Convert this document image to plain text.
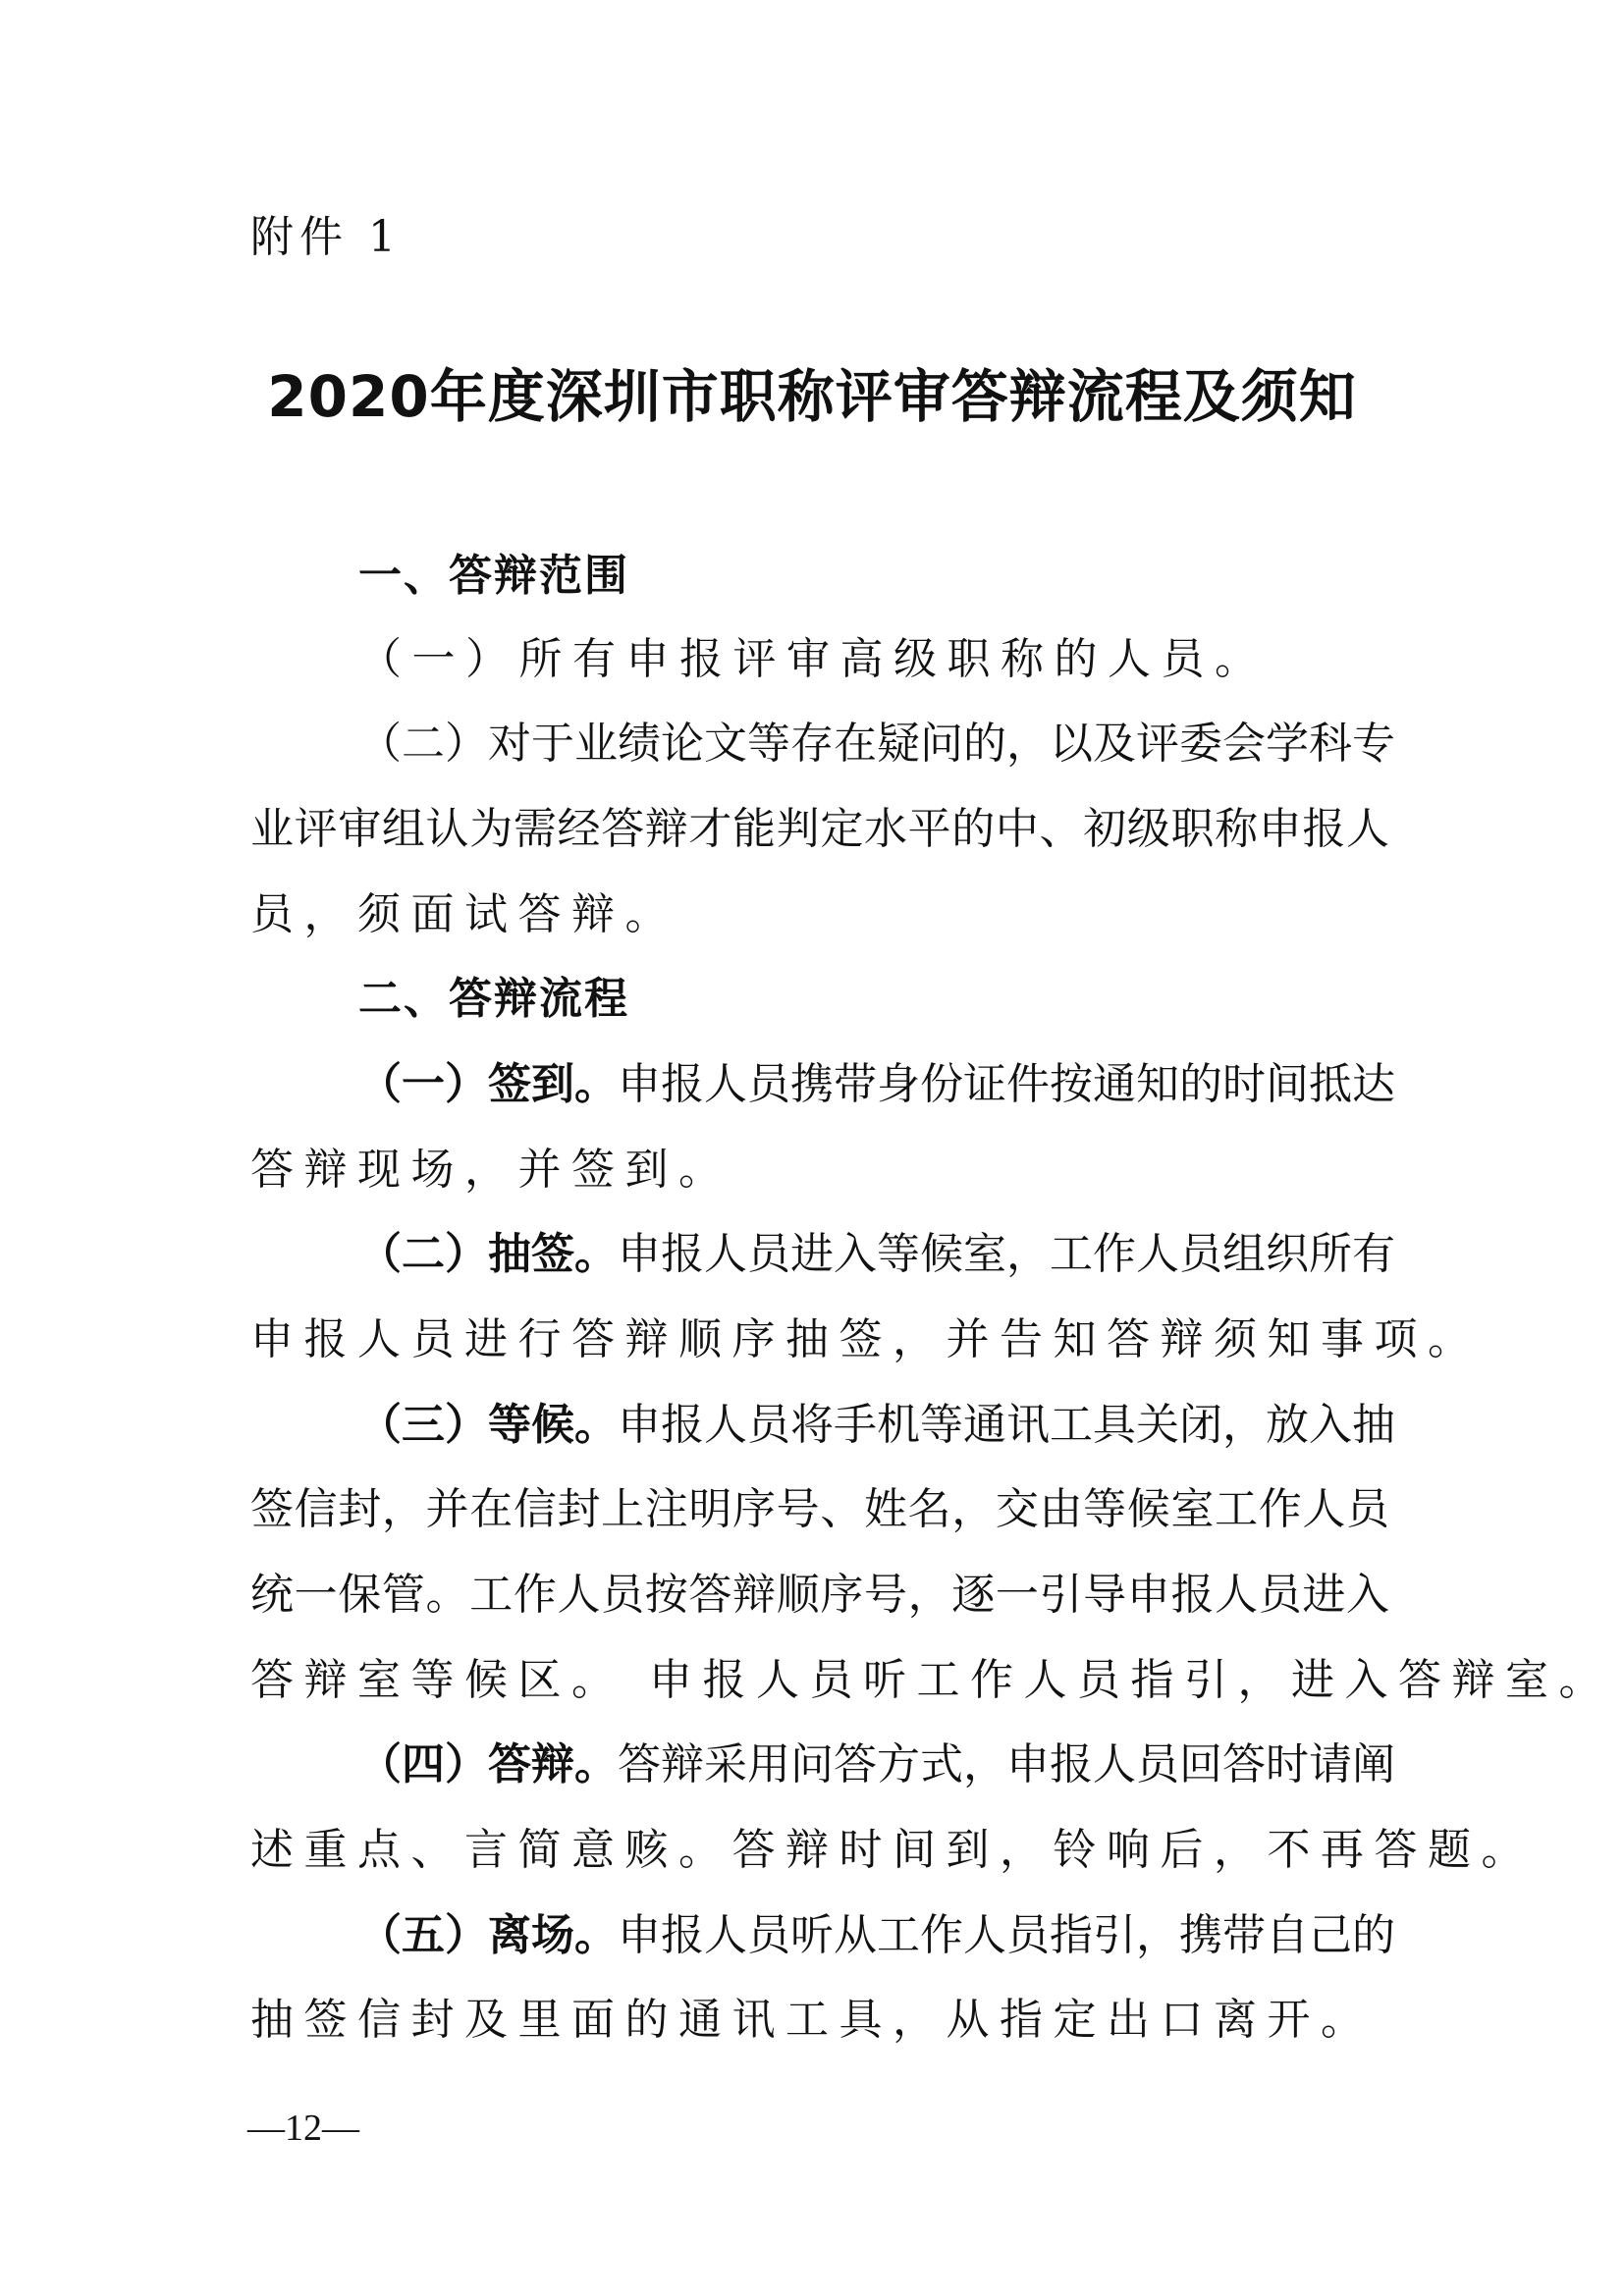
附件 1
2020年度深圳市职称评审答辩流程及须知
一、答辩范围
（一）所有申报评审高级职称的人员。
（二）对于业绩论文等存在疑问的，以及评委会学科专
业评审组认为需经答辩才能判定水平的中、初级职称申报人
员，须面试答辩。
二、答辩流程
（一）签到。申报人员携带身份证件按通知的时间抵达
答辩现场，并签到。
（二）抽签。申报人员进入等候室，工作人员组织所有
申报人员进行答辩顺序抽签，并告知答辩须知事项。
（三）等候。申报人员将手机等通讯工具关闭，放入抽
签信封，并在信封上注明序号、姓名，交由等候室工作人员
统一保管。工作人员按答辩顺序号，逐一引导申报人员进入
答辩室等候区。 申报人员听工作人员指引，进入答辩室。
（四）答辩。答辩采用问答方式，申报人员回答时请阐
述重点、言简意赅。答辩时间到，铃响后，不再答题。
（五）离场。申报人员听从工作人员指引，携带自己的
抽签信封及里面的通讯工具，从指定出口离开。
—12—
